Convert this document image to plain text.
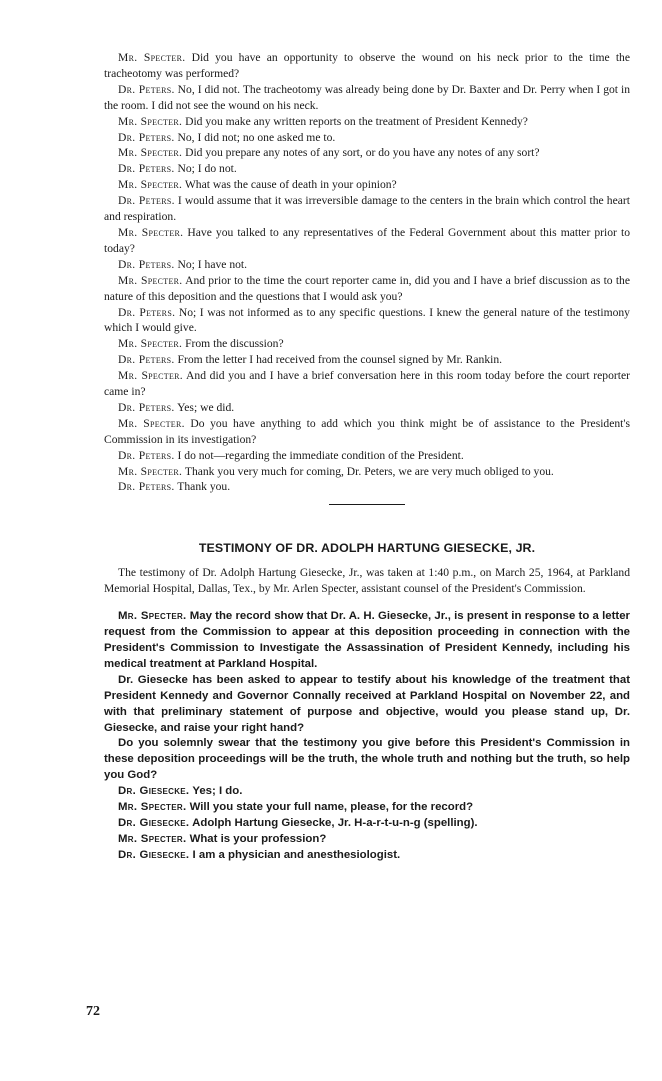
Mr. Specter. Did you have an opportunity to observe the wound on his neck prior to the time the tracheotomy was performed?

Dr. Peters. No, I did not. The tracheotomy was already being done by Dr. Baxter and Dr. Perry when I got in the room. I did not see the wound on his neck.

Mr. Specter. Did you make any written reports on the treatment of President Kennedy?

Dr. Peters. No, I did not; no one asked me to.

Mr. Specter. Did you prepare any notes of any sort, or do you have any notes of any sort?

Dr. Peters. No; I do not.

Mr. Specter. What was the cause of death in your opinion?

Dr. Peters. I would assume that it was irreversible damage to the centers in the brain which control the heart and respiration.

Mr. Specter. Have you talked to any representatives of the Federal Government about this matter prior to today?

Dr. Peters. No; I have not.

Mr. Specter. And prior to the time the court reporter came in, did you and I have a brief discussion as to the nature of this deposition and the questions that I would ask you?

Dr. Peters. No; I was not informed as to any specific questions. I knew the general nature of the testimony which I would give.

Mr. Specter. From the discussion?

Dr. Peters. From the letter I had received from the counsel signed by Mr. Rankin.

Mr. Specter. And did you and I have a brief conversation here in this room today before the court reporter came in?

Dr. Peters. Yes; we did.

Mr. Specter. Do you have anything to add which you think might be of assistance to the President's Commission in its investigation?

Dr. Peters. I do not—regarding the immediate condition of the President.

Mr. Specter. Thank you very much for coming, Dr. Peters, we are very much obliged to you.

Dr. Peters. Thank you.

TESTIMONY OF DR. ADOLPH HARTUNG GIESECKE, JR.

The testimony of Dr. Adolph Hartung Giesecke, Jr., was taken at 1:40 p.m., on March 25, 1964, at Parkland Memorial Hospital, Dallas, Tex., by Mr. Arlen Specter, assistant counsel of the President's Commission.

Mr. Specter. May the record show that Dr. A. H. Giesecke, Jr., is present in response to a letter request from the Commission to appear at this deposition proceeding in connection with the President's Commission to Investigate the Assassination of President Kennedy, including his medical treatment at Parkland Hospital.

Dr. Giesecke has been asked to appear to testify about his knowledge of the treatment that President Kennedy and Governor Connally received at Parkland Hospital on November 22, and with that preliminary statement of purpose and objective, would you please stand up, Dr. Giesecke, and raise your right hand?

Do you solemnly swear that the testimony you give before this President's Commission in these deposition proceedings will be the truth, the whole truth and nothing but the truth, so help you God?

Dr. Giesecke. Yes; I do.

Mr. Specter. Will you state your full name, please, for the record?

Dr. Giesecke. Adolph Hartung Giesecke, Jr. H-a-r-t-u-n-g (spelling).

Mr. Specter. What is your profession?

Dr. Giesecke. I am a physician and anesthesiologist.

72
